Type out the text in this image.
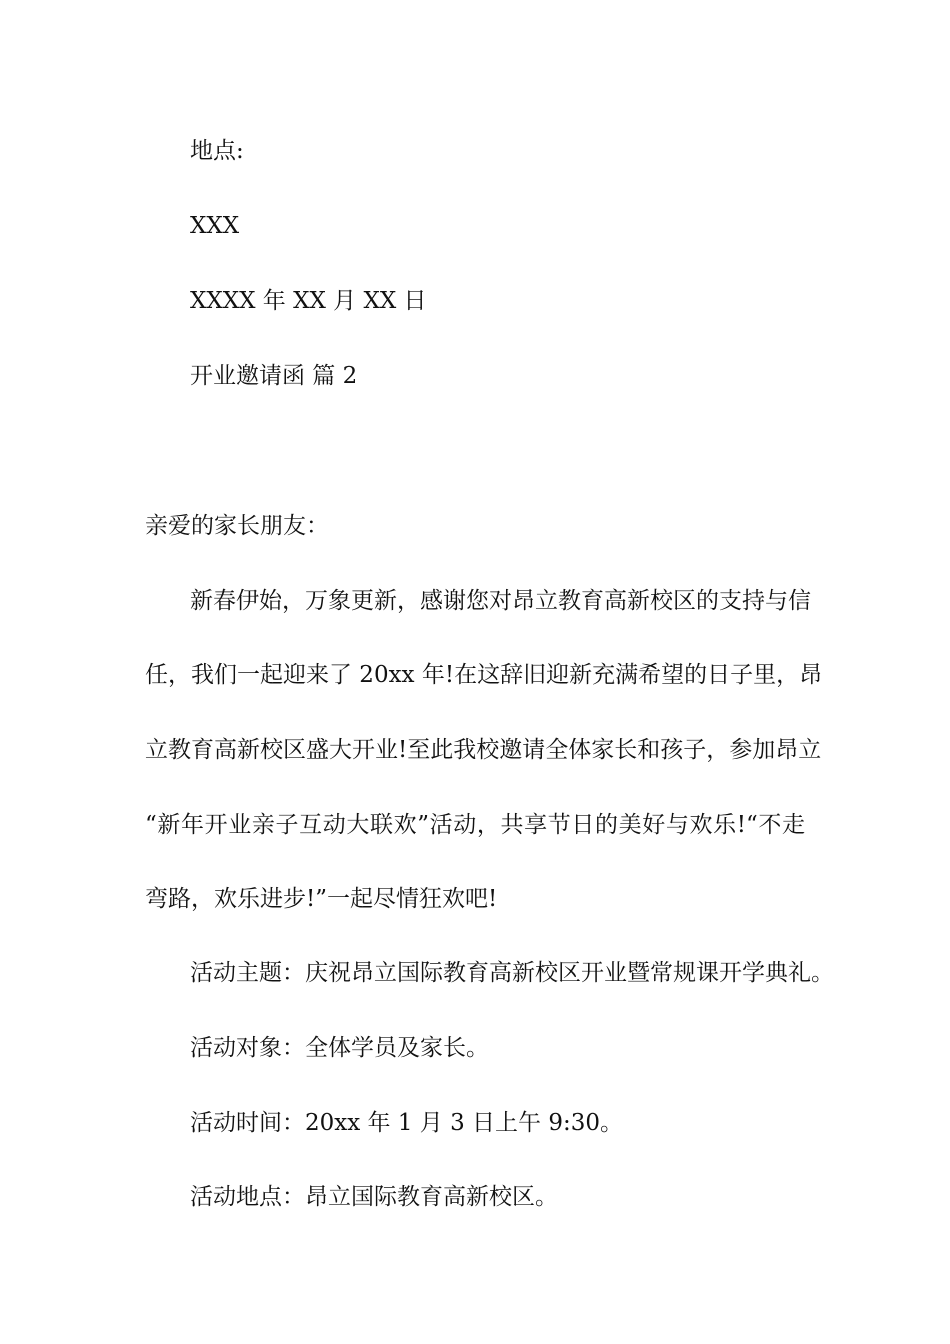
地点:

XXX

XXXX 年 XX 月 XX 日

开业邀请函 篇 2

亲爱的家长朋友：

新春伊始，万象更新，感谢您对昂立教育高新校区的支持与信

任，我们一起迎来了 20xx 年!在这辞旧迎新充满希望的日子里，昂

立教育高新校区盛大开业!至此我校邀请全体家长和孩子，参加昂立

“新年开业亲子互动大联欢”活动，共享节日的美好与欢乐!“不走

弯路，欢乐进步!”一起尽情狂欢吧!

活动主题：庆祝昂立国际教育高新校区开业暨常规课开学典礼。

活动对象：全体学员及家长。

活动时间：20xx 年 1 月 3 日上午 9:30。

活动地点：昂立国际教育高新校区。
